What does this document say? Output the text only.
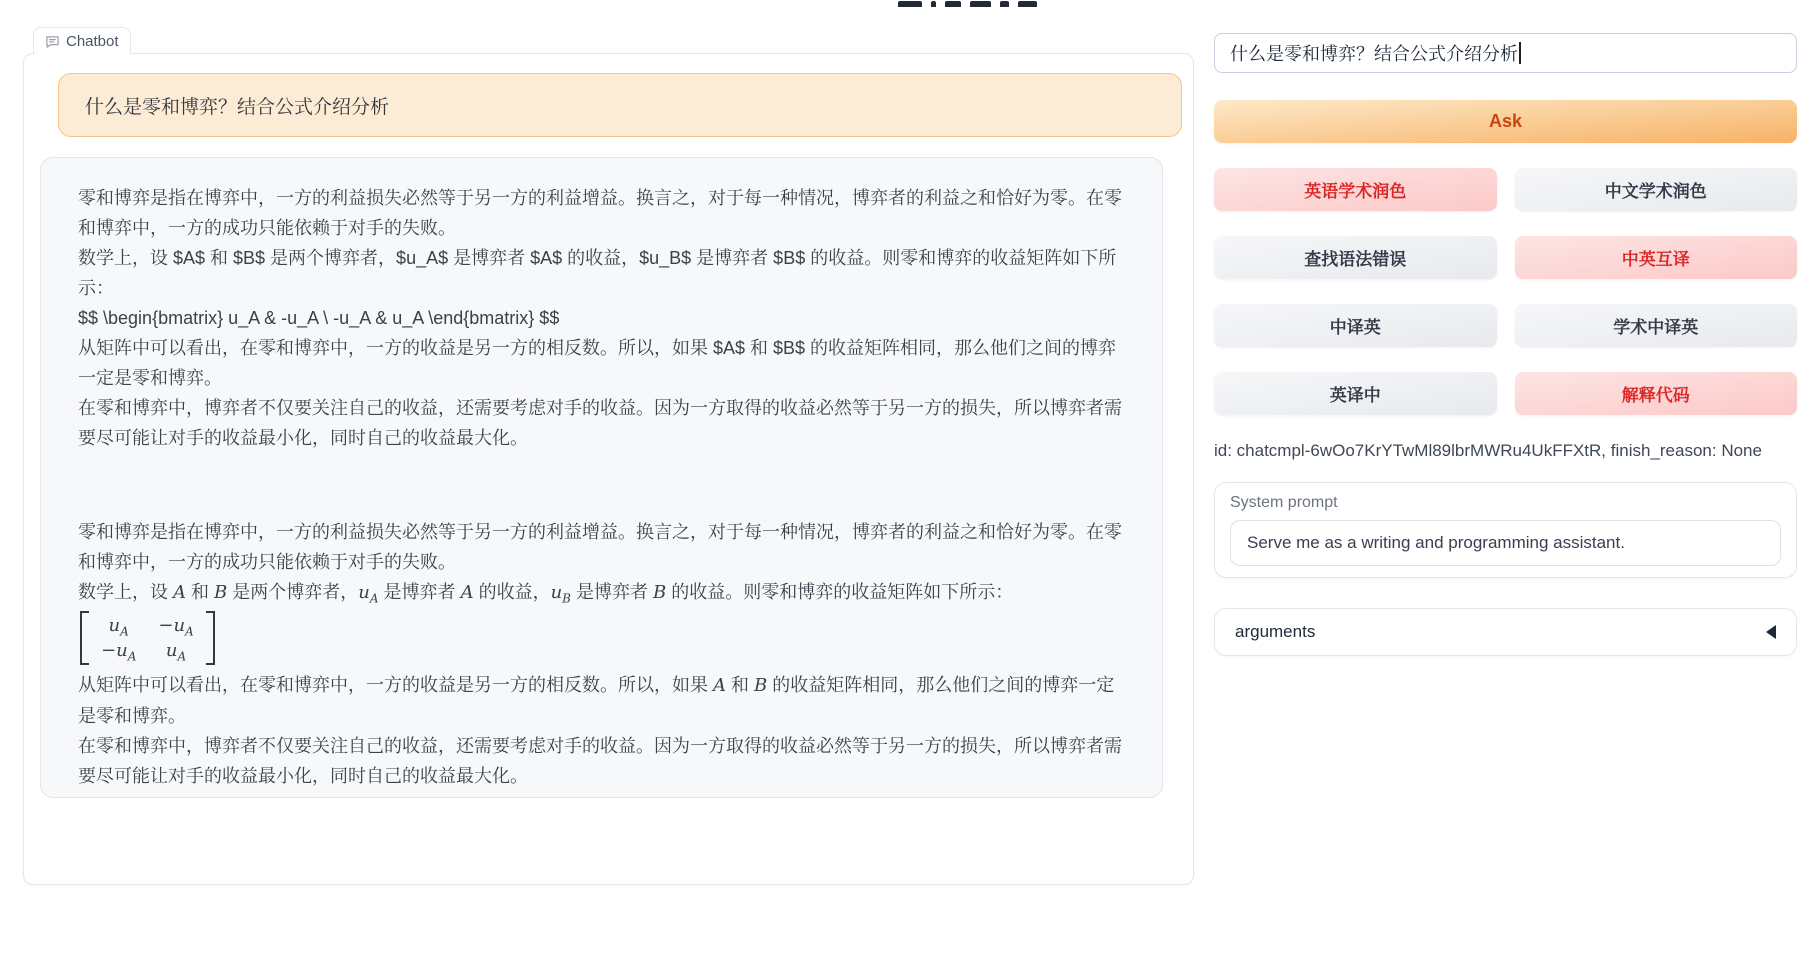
Chatbot
什么是零和博弈？结合公式介绍分析

零和博弈是指在博弈中，一方的利益损失必然等于另一方的利益增益。换言之，对于每一种情况，博弈者的利益之和恰好为零。在零和博弈中，一方的成功只能依赖于对手的失败。

数学上，设 $A$ 和 $B$ 是两个博弈者，$u_A$ 是博弈者 $A$ 的收益，$u_B$ 是博弈者 $B$ 的收益。则零和博弈的收益矩阵如下所示：

$$ \begin{bmatrix} u_A & -u_A \ -u_A & u_A \end{bmatrix} $$

从矩阵中可以看出，在零和博弈中，一方的收益是另一方的相反数。所以，如果 $A$ 和 $B$ 的收益矩阵相同，那么他们之间的博弈一定是零和博弈。

在零和博弈中，博弈者不仅要关注自己的收益，还需要考虑对手的收益。因为一方取得的收益必然等于另一方的损失，所以博弈者需要尽可能让对手的收益最小化，同时自己的收益最大化。

零和博弈是指在博弈中，一方的利益损失必然等于另一方的利益增益。换言之，对于每一种情况，博弈者的利益之和恰好为零。在零和博弈中，一方的成功只能依赖于对手的失败。

数学上，设 A 和 B 是两个博弈者，$u_A$ 是博弈者 A 的收益，$u_B$ 是博弈者 B 的收益。则零和博弈的收益矩阵如下所示：

$u_A$	$-u_A$
$-u_A$	$u_A$

从矩阵中可以看出，在零和博弈中，一方的收益是另一方的相反数。所以，如果 A 和 B 的收益矩阵相同，那么他们之间的博弈一定是零和博弈。

在零和博弈中，博弈者不仅要关注自己的收益，还需要考虑对手的收益。因为一方取得的收益必然等于另一方的损失，所以博弈者需要尽可能让对手的收益最小化，同时自己的收益最大化。

什么是零和博弈？结合公式介绍分析
Ask
英语学术润色	中文学术润色
查找语法错误	中英互译
中译英	学术中译英
英译中	解释代码
id: chatcmpl-6wOo7KrYTwMl89lbrMWRu4UkFFXtR, finish_reason: None
System prompt
Serve me as a writing and programming assistant.
arguments
